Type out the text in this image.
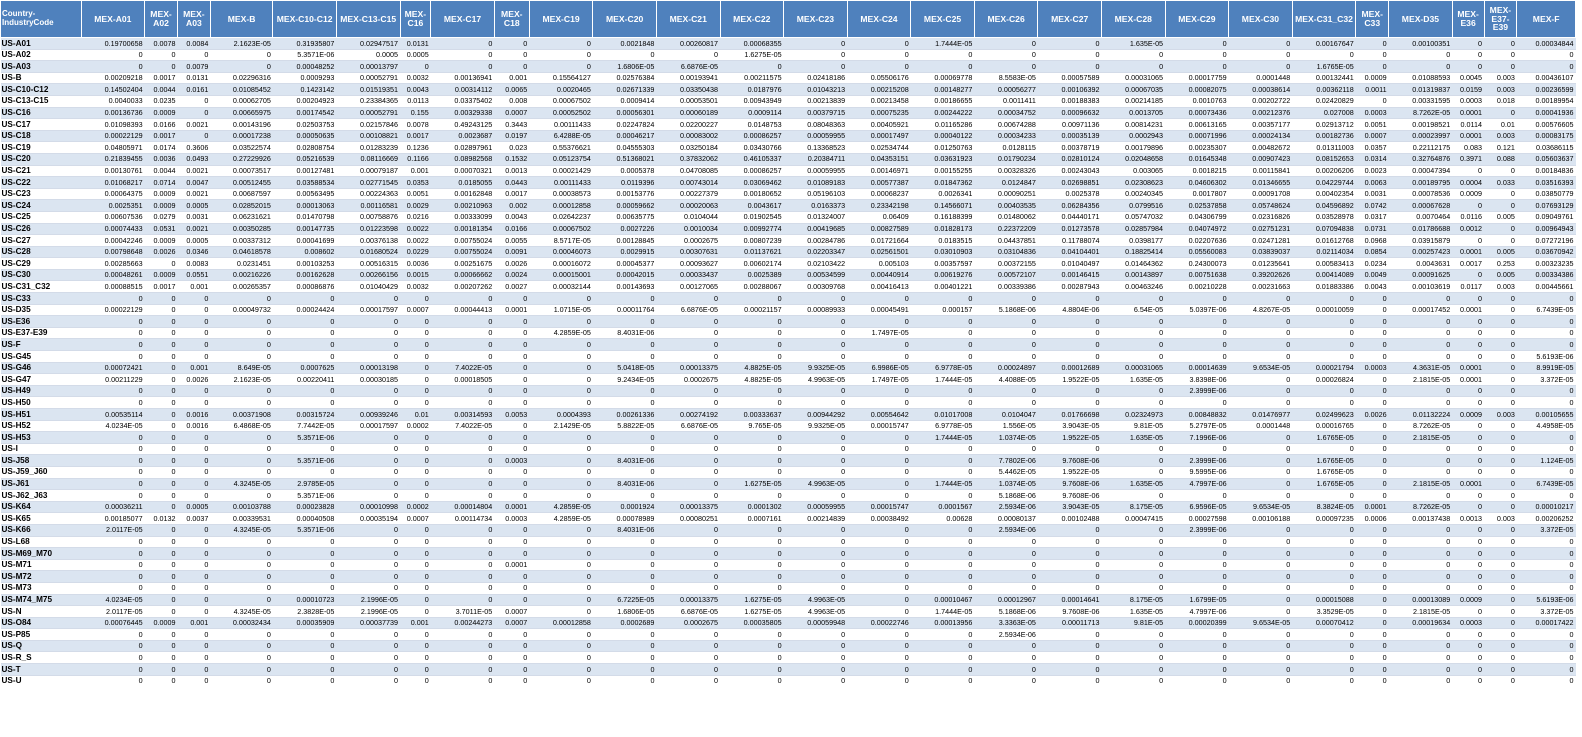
Country-IndustryCode	MEX-A01	MEX-A02	MEX-A03	MEX-B	MEX-C10-C12	MEX-C13-C15	MEX-C16	MEX-C17	MEX-C18	MEX-C19	MEX-C20	MEX-C21	MEX-C22	MEX-C23	MEX-C24	MEX-C25	MEX-C26	MEX-C27	MEX-C28	MEX-C29	MEX-C30	MEX-C31_C32	MEX-C33	MEX-D35	MEX-E36	MEX-E37-E39	MEX-F
US-A01	0.19700658	0.0078	0.0084	2.1623E-05	0.31935807	0.02947517	0.0131	0	0	0	0.0021848	0.00260817	0.00068355	0	0	1.7444E-05	0	0	1.635E-05	0	0	0.00167647	0	0.00100351	0	0	0.00034844
US-A02	0	0	0	0	5.3571E-06	0.0005	0.0005	0	0	0	0	0	1.6275E-05	0	0	0	0	0	0	0	0	0	0	0	0	0	0
US-A03	0	0	0.0079	0	0.00048252	0.00013797	0	0	0	0	1.6806E-05	6.6876E-05	0	0	0	0	0	0	0	0	0	1.6765E-05	0	0	0	0	0
US-B	0.00209218	0.0017	0.0131	0.02296316	0.0009293	0.00052791	0.0032	0.00136941	0.001	0.15564127	0.02576384	0.00193941	0.00211575	0.02418186	0.05506176	0.00069778	8.5583E-05	0.00057589	0.00031065	0.00017759	0.0001448	0.00132441	0.0009	0.01088593	0.0045	0.003	0.00436107
US-C10-C12	0.14502404	0.0044	0.0161	0.01085452	0.1423142	0.01519351	0.0043	0.00314112	0.0065	0.0020465	0.02671339	0.03350438	0.0187976	0.01043213	0.00215208	0.00148277	0.00056277	0.00106392	0.00067035	0.00082075	0.00038614	0.00362118	0.0011	0.01319837	0.0159	0.003	0.00236599
US-C13-C15	0.0040033	0.0235	0	0.00062705	0.00204923	0.23384365	0.0113	0.03375402	0.008	0.00067502	0.0009414	0.00053501	0.00943949	0.00213839	0.00213458	0.00186655	0.0011411	0.00188383	0.00214185	0.0010763	0.00202722	0.02420829	0	0.00331595	0.0003	0.018	0.00189954
US-C16	0.00136736	0.0009	0	0.00665975	0.00174542	0.00052791	0.155	0.00329338	0.0007	0.00052502	0.00056301	0.00060189	0.0009114	0.00379715	0.00075235	0.00244222	0.00034752	0.00096632	0.0013705	0.00073436	0.00212376	0.027008	0.0003	8.7262E-05	0.0001	0	0.00041936
US-C17	0.01098393	0.0166	0.0021	0.00143196	0.02503753	0.02157846	0.0078	0.49243125	0.3443	0.00111433	0.02247824	0.02200227	0.0148753	0.08048363	0.00405921	0.01165286	0.00674288	0.00971136	0.00814231	0.00613165	0.00357177	0.02913712	0.0051	0.00198521	0.0114	0.01	0.00576605
US-C18	0.00022129	0.0017	0	0.00017238	0.00050635	0.00108821	0.0017	0.0023687	0.0197	6.4288E-05	0.00046217	0.00083002	0.00086257	0.00059955	0.00017497	0.00040122	0.00034233	0.00035139	0.0002943	0.00071996	0.00024134	0.00182736	0.0007	0.00023997	0.0001	0.003	0.00083175
US-C19	0.04805971	0.0174	0.3606	0.03522574	0.02808754	0.01283239	0.1236	0.02897961	0.023	0.55376621	0.04555303	0.03250184	0.03430766	0.13368523	0.02534744	0.01250763	0.0128115	0.00378719	0.00179896	0.00235307	0.00482672	0.01311003	0.0357	0.22112175	0.083	0.121	0.03686115
US-C20	0.21839455	0.0036	0.0493	0.27229926	0.05216539	0.08116669	0.1166	0.08982568	0.1532	0.05123754	0.51368021	0.37832062	0.46105337	0.20384711	0.04353151	0.03631923	0.01790234	0.02810124	0.02048658	0.01645348	0.00907423	0.08152653	0.0314	0.32764876	0.3971	0.088	0.05603637
US-C21	0.00130761	0.0044	0.0021	0.00073517	0.00127481	0.00079187	0.001	0.00070321	0.0013	0.00021429	0.0005378	0.04708085	0.00086257	0.00059955	0.00146971	0.00155255	0.00328326	0.00243043	0.003065	0.0018215	0.00115841	0.00206206	0.0023	0.00047394	0	0	0.00184836
US-C22	0.01068217	0.0714	0.0047	0.00512455	0.03588534	0.02771545	0.0353	0.0185055	0.0443	0.00111433	0.0119396	0.00743014	0.03069462	0.01089183	0.00577387	0.01847362	0.0124847	0.02698851	0.02308623	0.04606302	0.01346655	0.04229744	0.0063	0.00189795	0.0004	0.033	0.03516393
US-C23	0.00064375	0.0009	0.0021	0.00687597	0.00563495	0.00224363	0.0051	0.00162848	0.0017	0.00038573	0.00153776	0.00227379	0.00180652	0.05196103	0.00068237	0.0026341	0.00090251	0.0025378	0.00240345	0.0017807	0.00091708	0.00402354	0.0031	0.00078536	0.0009	0	0.03850779
US-C24	0.0025351	0.0009	0.0005	0.02852015	0.00013063	0.00116581	0.0029	0.00210963	0.002	0.00012858	0.00059662	0.00020063	0.0043617	0.0163373	0.23342198	0.14566071	0.00403535	0.06284356	0.0799516	0.02537858	0.05748624	0.04596892	0.0742	0.00067628	0	0	0.07693129
US-C25	0.00607536	0.0279	0.0031	0.06231621	0.01470798	0.00758876	0.0216	0.00333099	0.0043	0.02642237	0.00635775	0.0104044	0.01902545	0.01324007	0.06409	0.16188399	0.01480062	0.04440171	0.05747032	0.04306799	0.02316826	0.03528978	0.0317	0.0070464	0.0116	0.005	0.09049761
US-C26	0.00074433	0.0531	0.0021	0.00350285	0.00147735	0.01223598	0.0022	0.00181354	0.0166	0.00067502	0.0027226	0.0010034	0.00992774	0.00419685	0.00827589	0.01828173	0.22372209	0.01273578	0.02857984	0.04074972	0.02751231	0.07094838	0.0731	0.01786688	0.0012	0	0.00964943
US-C27	0.00042246	0.0009	0.0005	0.00337312	0.00041699	0.00376138	0.0022	0.00755024	0.0055	8.5717E-05	0.00128845	0.0002675	0.00807239	0.00284786	0.01721664	0.0183515	0.04437851	0.11788074	0.0398177	0.02207636	0.02471281	0.01612768	0.0968	0.03915879	0	0	0.07272196
US-C28	0.00798648	0.0026	0.0346	0.04618578	0.008602	0.01680524	0.0229	0.00755024	0.0091	0.00046073	0.0029915	0.00307631	0.01137621	0.02203347	0.02561501	0.03010903	0.03104836	0.04104401	0.18825414	0.05560083	0.03839037	0.02114034	0.0854	0.00257423	0.0001	0.005	0.03670942
US-C29	0.00285663	0	0.0083	0.0231451	0.00103253	0.00516315	0.0036	0.00251675	0.0026	0.00016072	0.00045377	0.00093627	0.00602174	0.02103422	0.005103	0.00357597	0.00372155	0.01040497	0.01464362	0.24300073	0.01235641	0.00583413	0.0234	0.0043631	0.0017	0.253	0.00323235
US-C30	0.00048261	0.0009	0.0551	0.00216226	0.00162628	0.00266156	0.0015	0.00066662	0.0024	0.00015001	0.00042015	0.00033437	0.0025389	0.00534599	0.00440914	0.00619276	0.00572107	0.00146415	0.00143897	0.00751638	0.39202626	0.00414089	0.0049	0.00091625	0	0.005	0.00334386
US-C31_C32	0.00088515	0.0017	0.001	0.00265357	0.00086876	0.01040429	0.0032	0.00207262	0.0027	0.00032144	0.00143693	0.00127065	0.00288067	0.00309768	0.00416413	0.00401221	0.00339386	0.00287943	0.00463246	0.00210228	0.00231663	0.01883386	0.0043	0.00103619	0.0117	0.003	0.00445661
US-C33	0	0	0	0	0	0	0	0	0	0	0	0	0	0	0	0	0	0	0	0	0	0	0	0	0	0	0
US-D35	0.00022129	0	0	0.00049732	0.00024424	0.00017597	0.0007	0.00044413	0.0001	1.0715E-05	0.00011764	6.6876E-05	0.00021157	0.00089933	0.00045491	0.000157	5.1868E-06	4.8804E-06	6.54E-05	5.0397E-06	4.8267E-05	0.00010059	0	0.00017452	0.0001	0	6.7439E-05
US-E36	0	0	0	0	0	0	0	0	0	0	0	0	0	0	0	0	0	0	0	0	0	0	0	0	0	0	0
US-E37-E39	0	0	0	0	0	0	0	0	0	4.2859E-05	8.4031E-06	0	0	0	1.7497E-05	0	0	0	0	0	0	0	0	0	0	0	0
US-F	0	0	0	0	0	0	0	0	0	0	0	0	0	0	0	0	0	0	0	0	0	0	0	0	0	0	0
US-G45	0	0	0	0	0	0	0	0	0	0	0	0	0	0	0	0	0	0	0	0	0	0	0	0	0	0	5.6193E-06
US-G46	0.00072421	0	0.001	8.649E-05	0.0007625	0.00013198	0	7.4022E-05	0	0	5.0418E-05	0.00013375	4.8825E-05	9.9325E-05	6.9986E-05	6.9778E-05	0.00024897	0.00012689	0.00031065	0.00014639	9.6534E-05	0.00021794	0.0003	4.3631E-05	0.0001	0	8.9919E-05
US-G47	0.00211229	0	0.0026	2.1623E-05	0.00220411	0.00030185	0	0.00018505	0	0	9.2434E-05	0.0002675	4.8825E-05	4.9963E-05	1.7497E-05	1.7444E-05	4.4088E-05	1.9522E-05	1.635E-05	3.8398E-06	0	0.00026824	0	2.1815E-05	0.0001	0	3.372E-05
US-H49	0	0	0	0	0	0	0	0	0	0	0	0	0	0	0	0	0	0	0	2.3999E-06	0	0	0	0	0	0	0
US-H50	0	0	0	0	0	0	0	0	0	0	0	0	0	0	0	0	0	0	0	0	0	0	0	0	0	0	0
US-H51	0.00535114	0	0.0016	0.00371908	0.00315724	0.00939246	0.01	0.00314593	0.0053	0.0004393	0.00261336	0.00274192	0.00333637	0.00944292	0.00554642	0.01017008	0.0104047	0.01766698	0.02324973	0.00848832	0.01476977	0.02499623	0.0026	0.01132224	0.0009	0.003	0.00105655
US-H52	4.0234E-05	0	0.0016	6.4868E-05	7.7442E-05	0.00017597	0.0002	7.4022E-05	0	2.1429E-05	5.8822E-05	6.6876E-05	9.765E-05	9.9325E-05	0.00015747	6.9778E-05	1.556E-05	3.9043E-05	9.81E-05	5.2797E-05	0.0001448	0.00016765	0	8.7262E-05	0	0	4.4958E-05
US-H53	0	0	0	0	5.3571E-06	0	0	0	0	0	0	0	0	0	0	1.7444E-05	1.0374E-05	1.9522E-05	1.635E-05	7.1996E-06	0	1.6765E-05	0	2.1815E-05	0	0	0
US-I	0	0	0	0	0	0	0	0	0	0	0	0	0	0	0	0	0	0	0	0	0	0	0	0	0	0	0
US-J58	0	0	0	0	5.3571E-06	0	0	0	0.0003	0	8.4031E-06	0	0	0	0	0	7.7802E-06	9.7608E-06	0	2.3999E-06	0	1.6765E-05	0	0	0	0	1.124E-05
US-J59_J60	0	0	0	0	0	0	0	0	0	0	0	0	0	0	0	0	5.4462E-05	1.9522E-05	0	9.5995E-06	0	1.6765E-05	0	0	0	0	0
US-J61	0	0	0	4.3245E-05	2.9785E-05	0	0	0	0	0	8.4031E-06	0	1.6275E-05	4.9963E-05	0	1.7444E-05	1.0374E-05	9.7608E-06	1.635E-05	4.7997E-06	0	1.6765E-05	0	2.1815E-05	0.0001	0	6.7439E-05
US-J62_J63	0	0	0	0	5.3571E-06	0	0	0	0	0	0	0	0	0	0	0	5.1868E-06	9.7608E-06	0	0	0	0	0	0	0	0	0
US-K64	0.00036211	0	0.0005	0.00103788	0.00023828	0.00010998	0.0002	0.00014804	0.0001	4.2859E-05	0.0001924	0.00013375	0.0001302	0.00059955	0.00015747	0.0001567	2.5934E-06	3.9043E-05	8.175E-05	6.9596E-05	9.6534E-05	8.3824E-05	0.0001	8.7262E-05	0	0	0.00010217
US-K65	0.00185077	0.0132	0.0037	0.00339531	0.00040508	0.00035194	0.0007	0.00114734	0.0003	4.2859E-05	0.00078989	0.00080251	0.0007161	0.00214839	0.00038492	0.00628	0.00080137	0.00102488	0.00047415	0.00027598	0.00106188	0.00097235	0.0006	0.00137438	0.0013	0.003	0.00206252
US-K66	2.0117E-05	0	0	4.3245E-05	5.3571E-06	0	0	0	0	0	8.4031E-06	0	0	0	0	0	2.5934E-06	0	0	2.3999E-06	0	0	0	0	0	0	3.372E-05
US-L68	0	0	0	0	0	0	0	0	0	0	0	0	0	0	0	0	0	0	0	0	0	0	0	0	0	0	0
US-M69_M70	0	0	0	0	0	0	0	0	0	0	0	0	0	0	0	0	0	0	0	0	0	0	0	0	0	0	0
US-M71	0	0	0	0	0	0	0	0	0.0001	0	0	0	0	0	0	0	0	0	0	0	0	0	0	0	0	0	0
US-M72	0	0	0	0	0	0	0	0	0	0	0	0	0	0	0	0	0	0	0	0	0	0	0	0	0	0	0
US-M73	0	0	0	0	0	0	0	0	0	0	0	0	0	0	0	0	0	0	0	0	0	0	0	0	0	0	0
US-M74_M75	4.0234E-05	0	0	0	0.00010723	2.1996E-05	0	0	0	0	6.7225E-05	0.00013375	1.6275E-05	4.9963E-05	0	0.00010467	0.00012967	0.00014641	8.175E-05	1.6799E-05	0	0.00015088	0	0.00013089	0.0009	0	5.6193E-06
US-N	2.0117E-05	0	0	4.3245E-05	2.3828E-05	2.1996E-05	0	3.7011E-05	0.0007	0	1.6806E-05	6.6876E-05	1.6275E-05	4.9963E-05	0	1.7444E-05	5.1868E-06	9.7608E-06	1.635E-05	4.7997E-06	0	3.3529E-05	0	2.1815E-05	0	0	3.372E-05
US-O84	0.00076445	0.0009	0.001	0.00032434	0.00035909	0.00037739	0.001	0.00244273	0.0007	0.00012858	0.0002689	0.0002675	0.00035805	0.00059948	0.00022746	0.00013956	3.3363E-05	0.00011713	9.81E-05	0.00020399	9.6534E-05	0.00070412	0	0.00019634	0.0003	0	0.00017422
US-P85	0	0	0	0	0	0	0	0	0	0	0	0	0	0	0	0	2.5934E-06	0	0	0	0	0	0	0	0	0	0
US-Q	0	0	0	0	0	0	0	0	0	0	0	0	0	0	0	0	0	0	0	0	0	0	0	0	0	0	0
US-R_S	0	0	0	0	0	0	0	0	0	0	0	0	0	0	0	0	0	0	0	0	0	0	0	0	0	0	0
US-T	0	0	0	0	0	0	0	0	0	0	0	0	0	0	0	0	0	0	0	0	0	0	0	0	0	0	0
US-U	0	0	0	0	0	0	0	0	0	0	0	0	0	0	0	0	0	0	0	0	0	0	0	0	0	0	0
